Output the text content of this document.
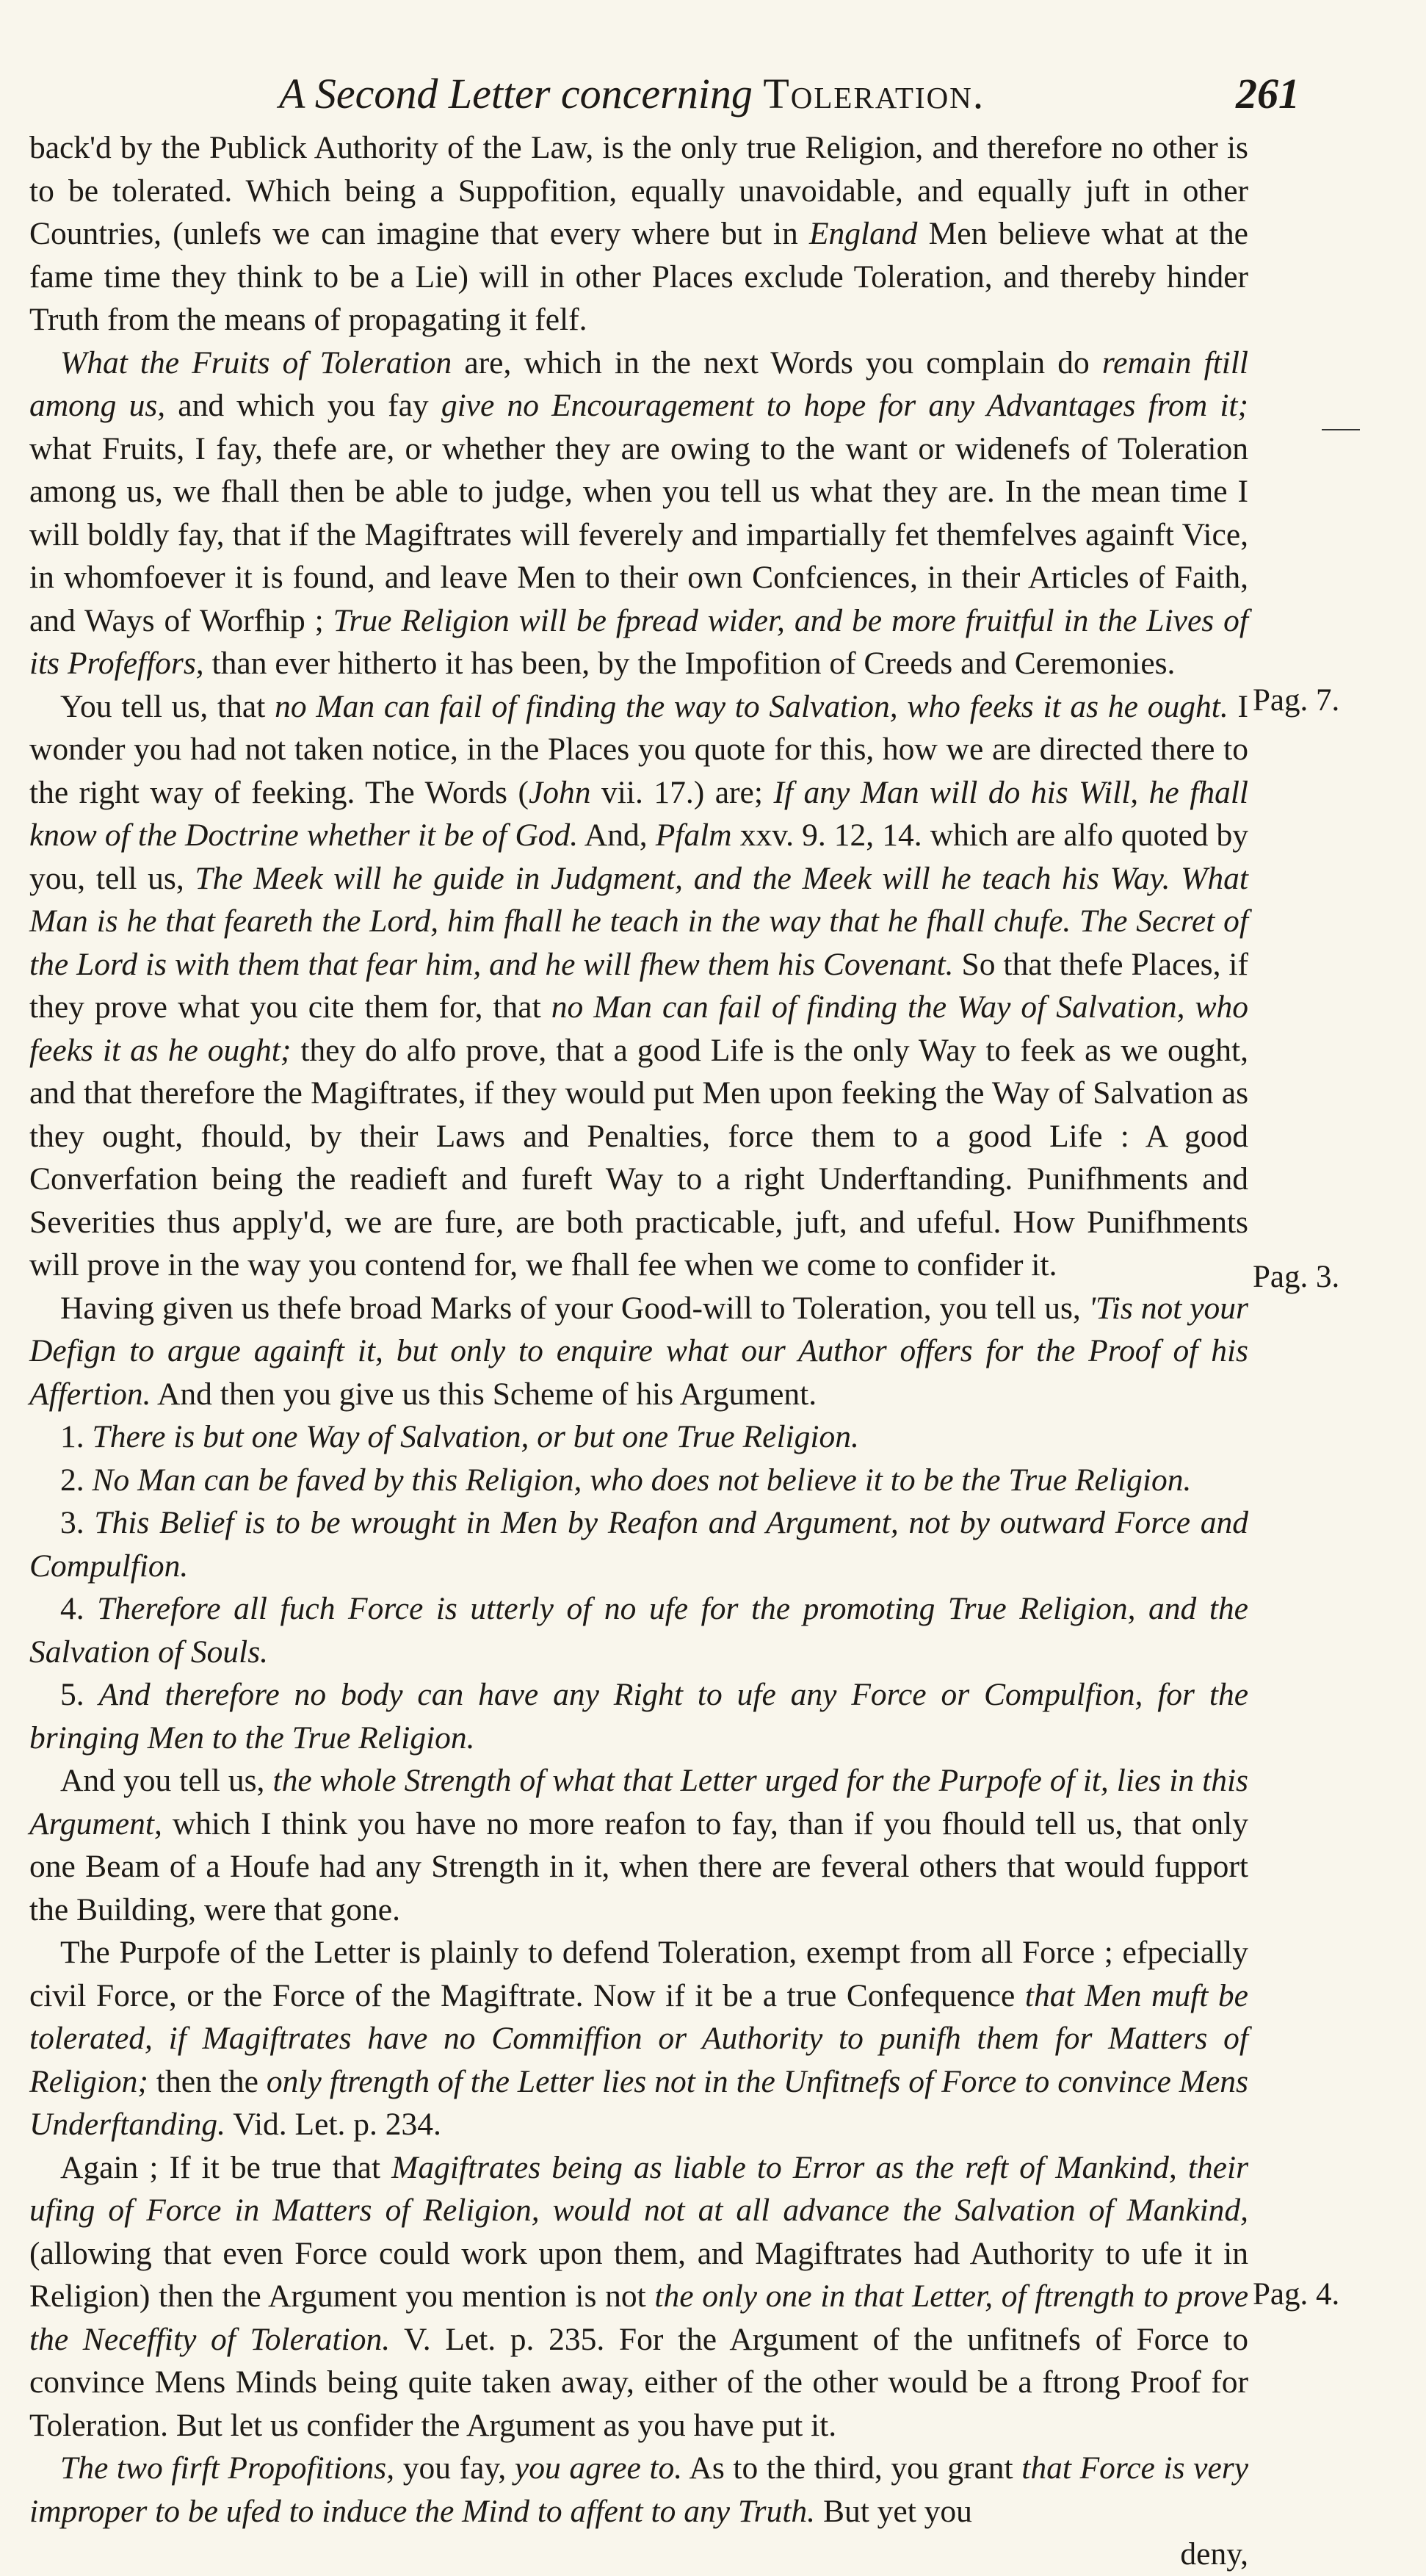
A Second Letter concerning Toleration.	261
Pag. 7.
Pag. 3.
Pag. 4.

back'd by the Publick Authority of the Law, is the only true Religion, and therefore no other is to be tolerated. Which being a Suppofition, equally unavoidable, and equally juft in other Countries, (unlefs we can imagine that every where but in England Men believe what at the fame time they think to be a Lie) will in other Places exclude Toleration, and thereby hinder Truth from the means of propagating it felf.

What the Fruits of Toleration are, which in the next Words you complain do remain ftill among us, and which you fay give no Encouragement to hope for any Advantages from it; what Fruits, I fay, thefe are, or whether they are owing to the want or widenefs of Toleration among us, we fhall then be able to judge, when you tell us what they are. In the mean time I will boldly fay, that if the Magiftrates will feverely and impartially fet themfelves againft Vice, in whomfoever it is found, and leave Men to their own Confciences, in their Articles of Faith, and Ways of Worfhip ; True Religion will be fpread wider, and be more fruitful in the Lives of its Profeffors, than ever hitherto it has been, by the Impofition of Creeds and Ceremonies.

You tell us, that no Man can fail of finding the way to Salvation, who feeks it as he ought. I wonder you had not taken notice, in the Places you quote for this, how we are directed there to the right way of feeking. The Words (John vii. 17.) are; If any Man will do his Will, he fhall know of the Doctrine whether it be of God. And, Pfalm xxv. 9. 12, 14. which are alfo quoted by you, tell us, The Meek will he guide in Judgment, and the Meek will he teach his Way. What Man is he that feareth the Lord, him fhall he teach in the way that he fhall chufe. The Secret of the Lord is with them that fear him, and he will fhew them his Covenant. So that thefe Places, if they prove what you cite them for, that no Man can fail of finding the Way of Salvation, who feeks it as he ought; they do alfo prove, that a good Life is the only Way to feek as we ought, and that therefore the Magiftrates, if they would put Men upon feeking the Way of Salvation as they ought, fhould, by their Laws and Penalties, force them to a good Life : A good Converfation being the readieft and fureft Way to a right Underftanding. Punifhments and Severities thus apply'd, we are fure, are both practicable, juft, and ufeful. How Punifhments will prove in the way you contend for, we fhall fee when we come to confider it.

Having given us thefe broad Marks of your Good-will to Toleration, you tell us, 'Tis not your Defign to argue againft it, but only to enquire what our Author offers for the Proof of his Affertion. And then you give us this Scheme of his Argument.

1. There is but one Way of Salvation, or but one True Religion.

2. No Man can be faved by this Religion, who does not believe it to be the True Religion.

3. This Belief is to be wrought in Men by Reafon and Argument, not by outward Force and Compulfion.

4. Therefore all fuch Force is utterly of no ufe for the promoting True Religion, and the Salvation of Souls.

5. And therefore no body can have any Right to ufe any Force or Compulfion, for the bringing Men to the True Religion.

And you tell us, the whole Strength of what that Letter urged for the Purpofe of it, lies in this Argument, which I think you have no more reafon to fay, than if you fhould tell us, that only one Beam of a Houfe had any Strength in it, when there are feveral others that would fupport the Building, were that gone.

The Purpofe of the Letter is plainly to defend Toleration, exempt from all Force ; efpecially civil Force, or the Force of the Magiftrate. Now if it be a true Confequence that Men muft be tolerated, if Magiftrates have no Commiffion or Authority to punifh them for Matters of Religion; then the only ftrength of the Letter lies not in the Unfitnefs of Force to convince Mens Underftanding. Vid. Let. p. 234.

Again ; If it be true that Magiftrates being as liable to Error as the reft of Mankind, their ufing of Force in Matters of Religion, would not at all advance the Salvation of Mankind, (allowing that even Force could work upon them, and Magiftrates had Authority to ufe it in Religion) then the Argument you mention is not the only one in that Letter, of ftrength to prove the Neceffity of Toleration. V. Let. p. 235. For the Argument of the unfitnefs of Force to convince Mens Minds being quite taken away, either of the other would be a ftrong Proof for Toleration. But let us confider the Argument as you have put it.

The two firft Propofitions, you fay, you agree to. As to the third, you grant that Force is very improper to be ufed to induce the Mind to affent to any Truth. But yet you

deny,
